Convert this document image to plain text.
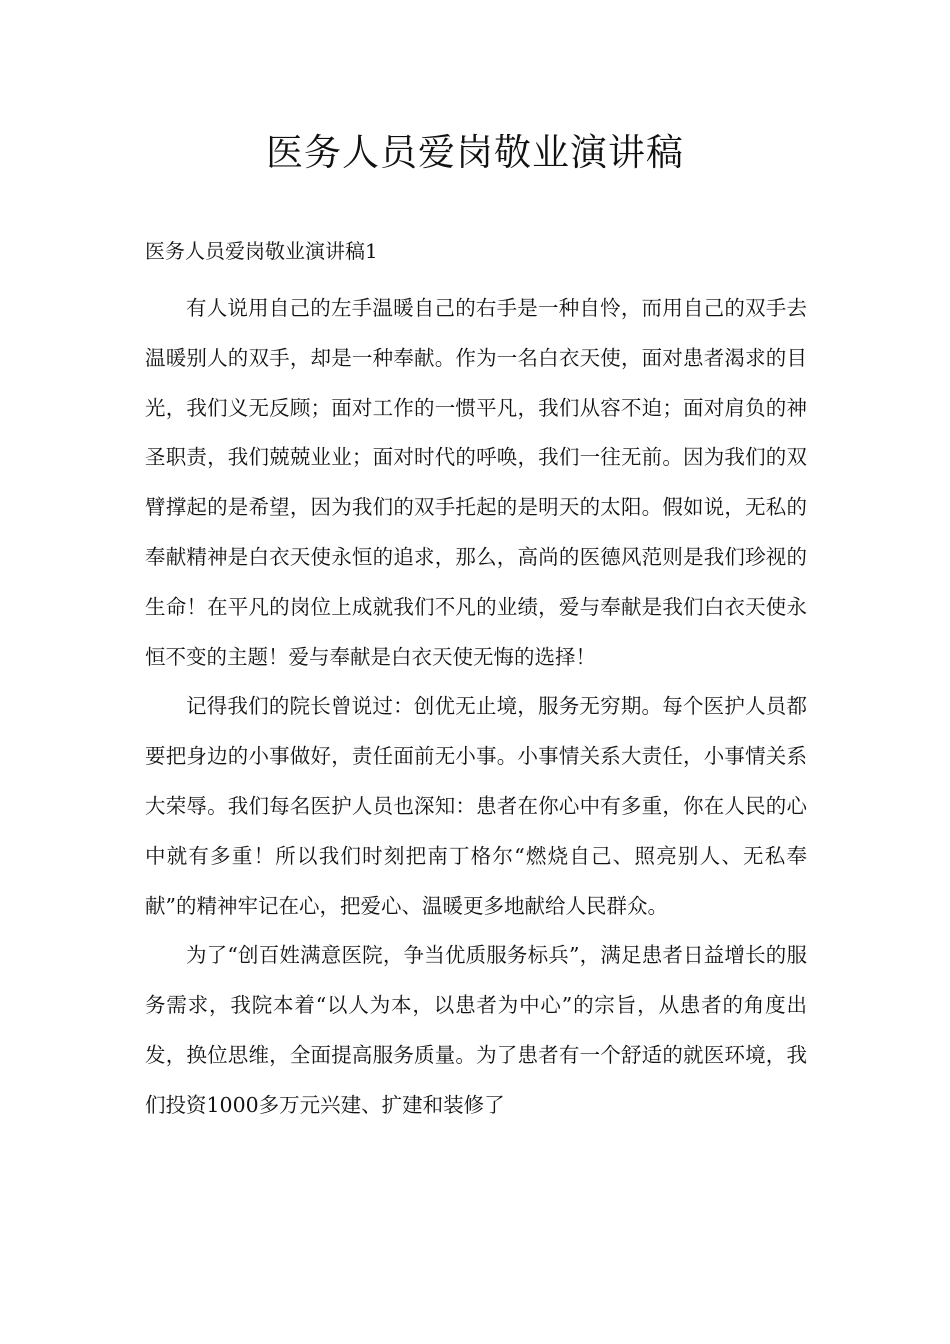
医务人员爱岗敬业演讲稿

医务人员爱岗敬业演讲稿1

有人说用自己的左手温暖自己的右手是一种自怜，而用自己的双手去温暖别人的双手，却是一种奉献。作为一名白衣天使，面对患者渴求的目光，我们义无反顾；面对工作的一惯平凡，我们从容不迫；面对肩负的神圣职责，我们兢兢业业；面对时代的呼唤，我们一往无前。因为我们的双臂撑起的是希望，因为我们的双手托起的是明天的太阳。假如说，无私的奉献精神是白衣天使永恒的追求，那么，高尚的医德风范则是我们珍视的生命！在平凡的岗位上成就我们不凡的业绩，爱与奉献是我们白衣天使永恒不变的主题！爱与奉献是白衣天使无悔的选择！

记得我们的院长曾说过：创优无止境，服务无穷期。每个医护人员都要把身边的小事做好，责任面前无小事。小事情关系大责任，小事情关系大荣辱。我们每名医护人员也深知：患者在你心中有多重，你在人民的心中就有多重！所以我们时刻把南丁格尔“燃烧自己、照亮别人、无私奉献”的精神牢记在心，把爱心、温暖更多地献给人民群众。

为了“创百姓满意医院，争当优质服务标兵”，满足患者日益增长的服务需求，我院本着“以人为本，以患者为中心”的宗旨，从患者的角度出发，换位思维，全面提高服务质量。为了患者有一个舒适的就医环境，我们投资1000多万元兴建、扩建和装修了
